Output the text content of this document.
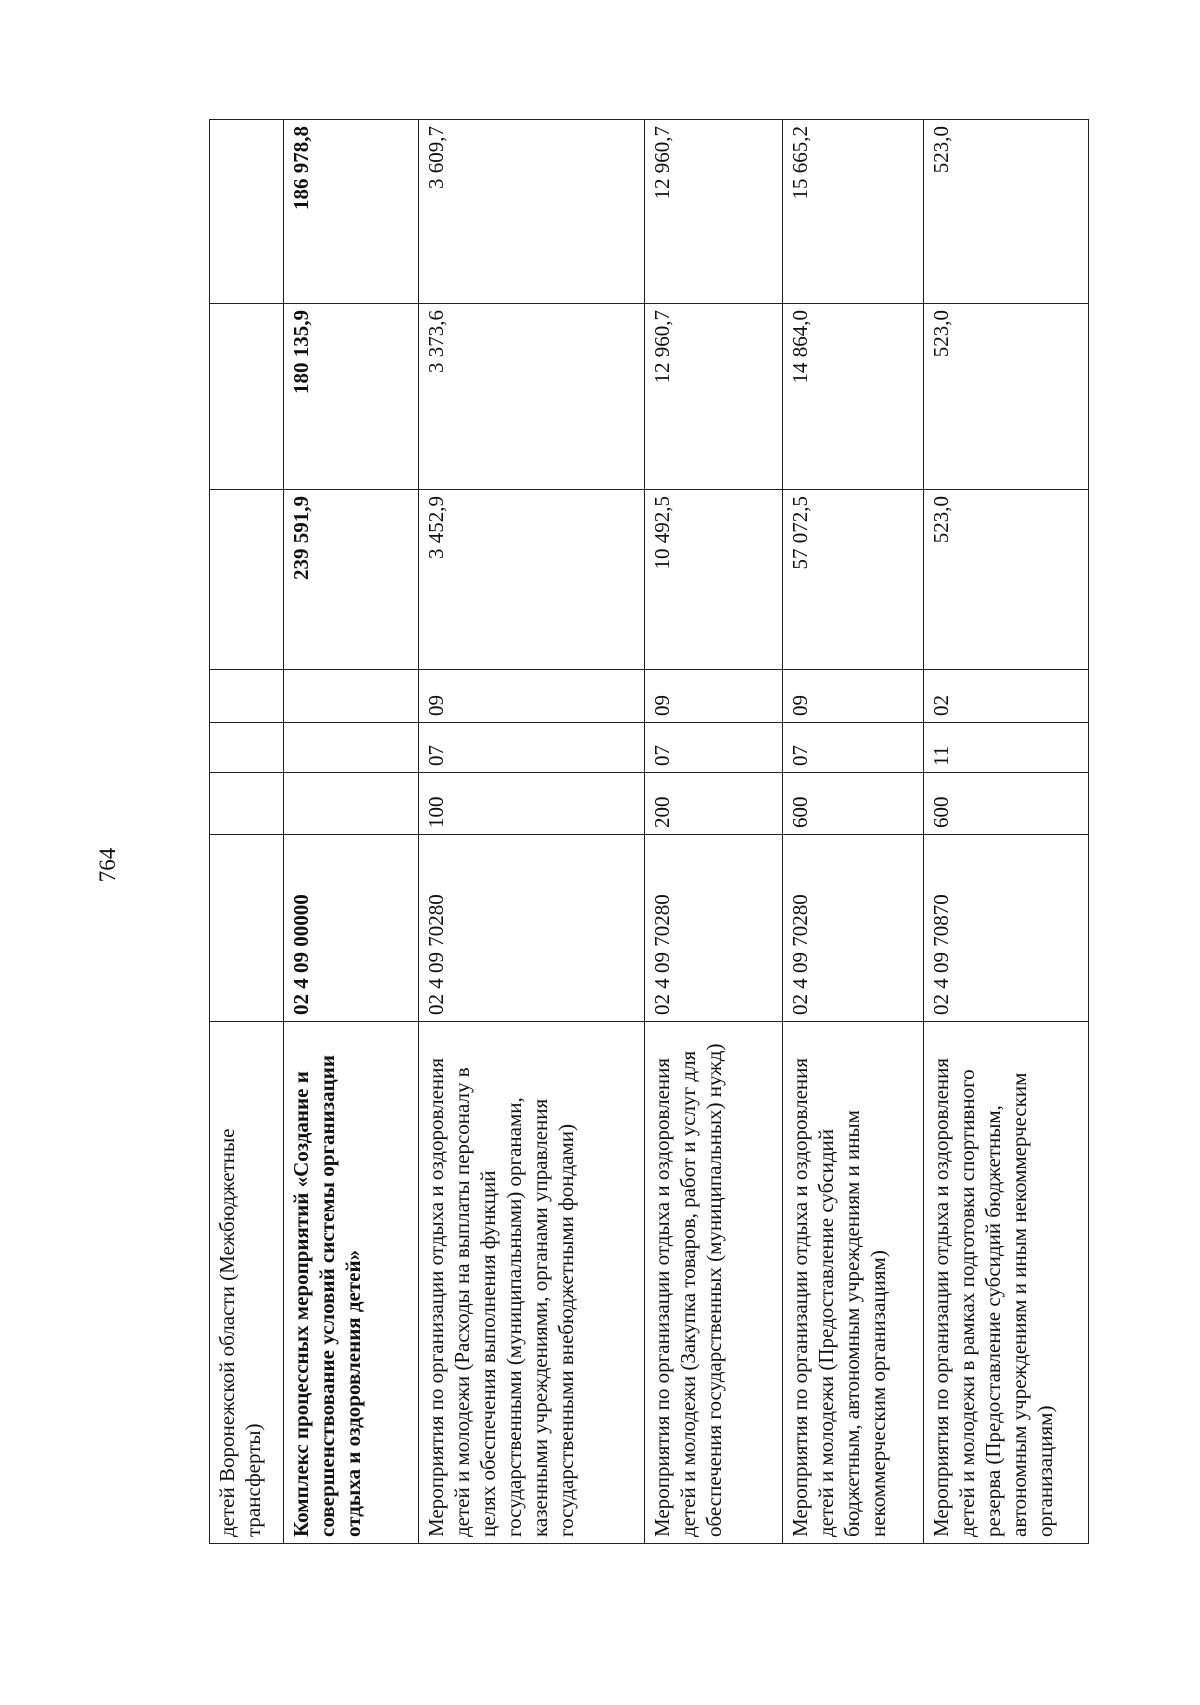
764
детей Воронежской области (Межбюджетные трансферты)							
Комплекс процессных мероприятий «Создание и совершенствование условий системы организации отдыха и оздоровления детей»	02 4 09 00000				239 591,9	180 135,9	186 978,8
Мероприятия по организации отдыха и оздоровления детей и молодежи (Расходы на выплаты персоналу в целях обеспечения выполнения функций государственными (муниципальными) органами, казенными учреждениями, органами управления государственными внебюджетными фондами)	02 4 09 70280	100	07	09	3 452,9	3 373,6	3 609,7
Мероприятия по организации отдыха и оздоровления детей и молодежи (Закупка товаров, работ и услуг для обеспечения государственных (муниципальных) нужд)	02 4 09 70280	200	07	09	10 492,5	12 960,7	12 960,7
Мероприятия по организации отдыха и оздоровления детей и молодежи (Предоставление субсидий бюджетным, автономным учреждениям и иным некоммерческим организациям)	02 4 09 70280	600	07	09	57 072,5	14 864,0	15 665,2
Мероприятия по организации отдыха и оздоровления детей и молодежи в рамках подготовки спортивного резерва (Предоставление субсидий бюджетным, автономным учреждениям и иным некоммерческим организациям)	02 4 09 70870	600	11	02	523,0	523,0	523,0
